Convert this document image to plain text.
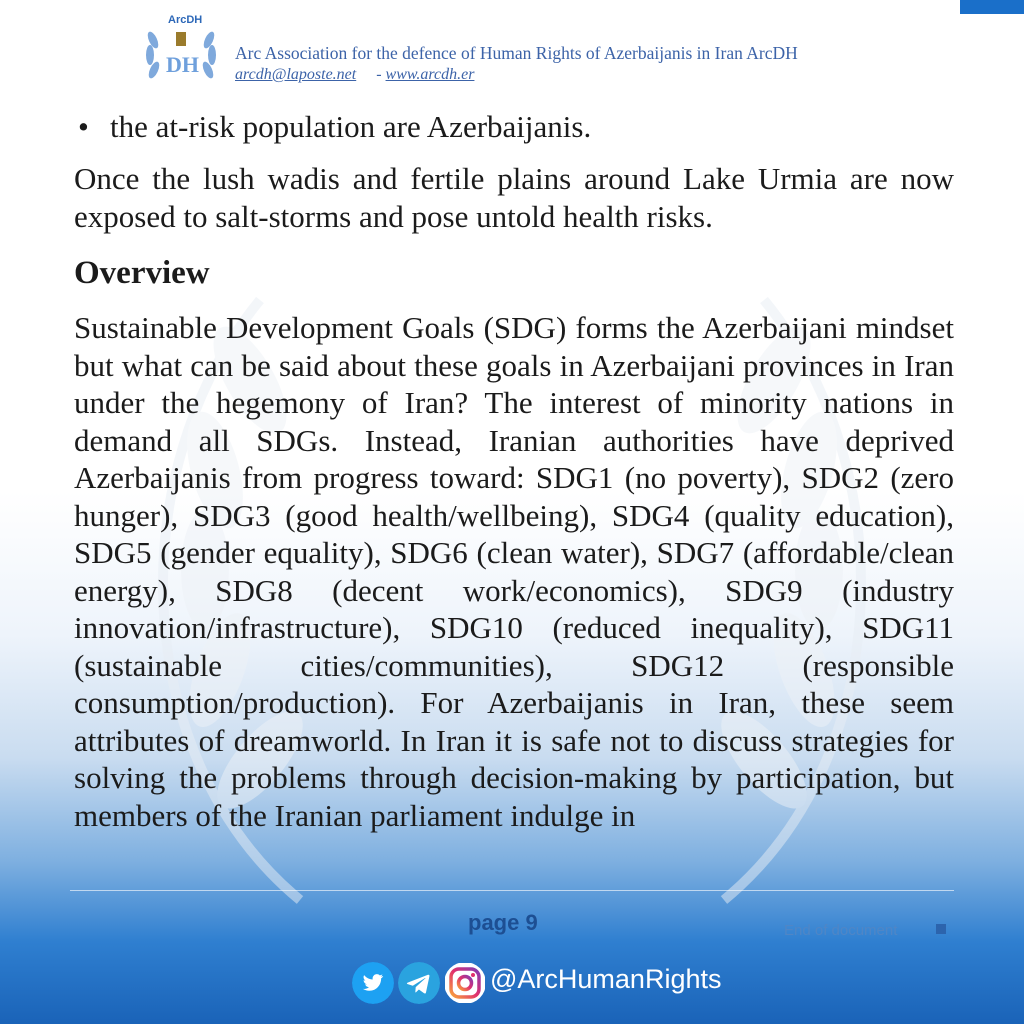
ArcDH
DH Arc Association for the defence of Human Rights of Azerbaijanis in Iran ArcDH
arcdh@laposte.net - www.arcdh.er
• the at-risk population are Azerbaijanis.

Once the lush wadis and fertile plains around Lake Urmia are now exposed to salt-storms and pose untold health risks.

Overview

Sustainable Development Goals (SDG) forms the Azerbaijani mindset but what can be said about these goals in Azerbaijani provinces in Iran under the hegemony of Iran? The interest of minority nations in demand all SDGs. Instead, Iranian authorities have deprived Azerbaijanis from progress toward: SDG1 (no poverty), SDG2 (zero hunger), SDG3 (good health/wellbeing), SDG4 (quality education), SDG5 (gender equality), SDG6 (clean water), SDG7 (affordable/clean energy), SDG8 (decent work/economics), SDG9 (industry innovation/infrastructure), SDG10 (reduced inequality), SDG11 (sustainable cities/communities), SDG12 (responsible consumption/production). For Azerbaijanis in Iran, these seem attributes of dreamworld. In Iran it is safe not to discuss strategies for solving the problems through decision-making by participation, but members of the Iranian parliament indulge in

page 9	End of document
@ArcHumanRights
